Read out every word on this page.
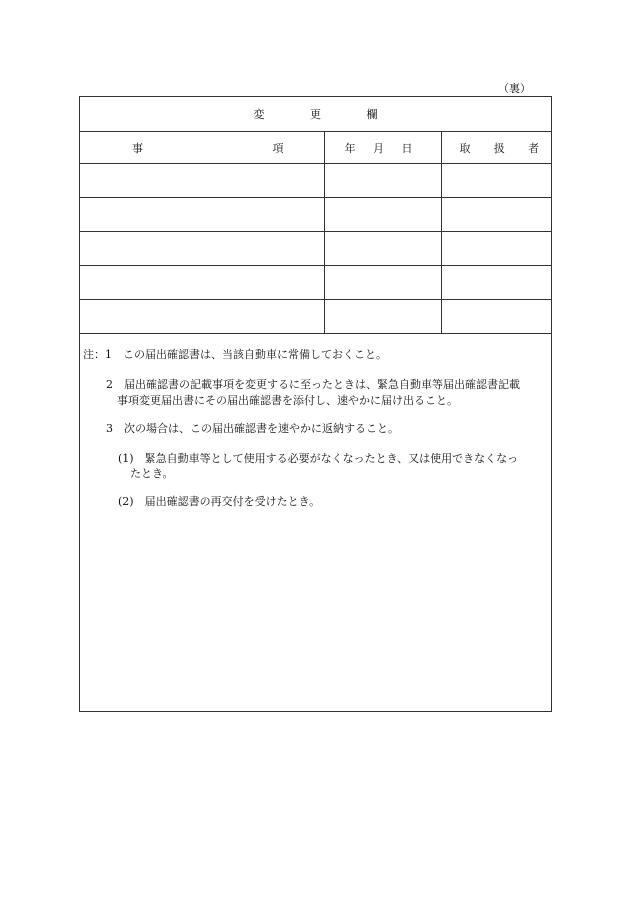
（裏）
変 更 欄		

事 項	年 月 日	取 扱 者

注：1　この届出確認書は、当該自動車に常備しておくこと。
2　届出確認書の記載事項を変更するに至ったときは、緊急自動車等届出確認書記載
事項変更届出書にその届出確認書を添付し、速やかに届け出ること。
3　次の場合は、この届出確認書を速やかに返納すること。
(1)　緊急自動車等として使用する必要がなくなったとき、又は使用できなくなっ
たとき。
(2)　届出確認書の再交付を受けたとき。
